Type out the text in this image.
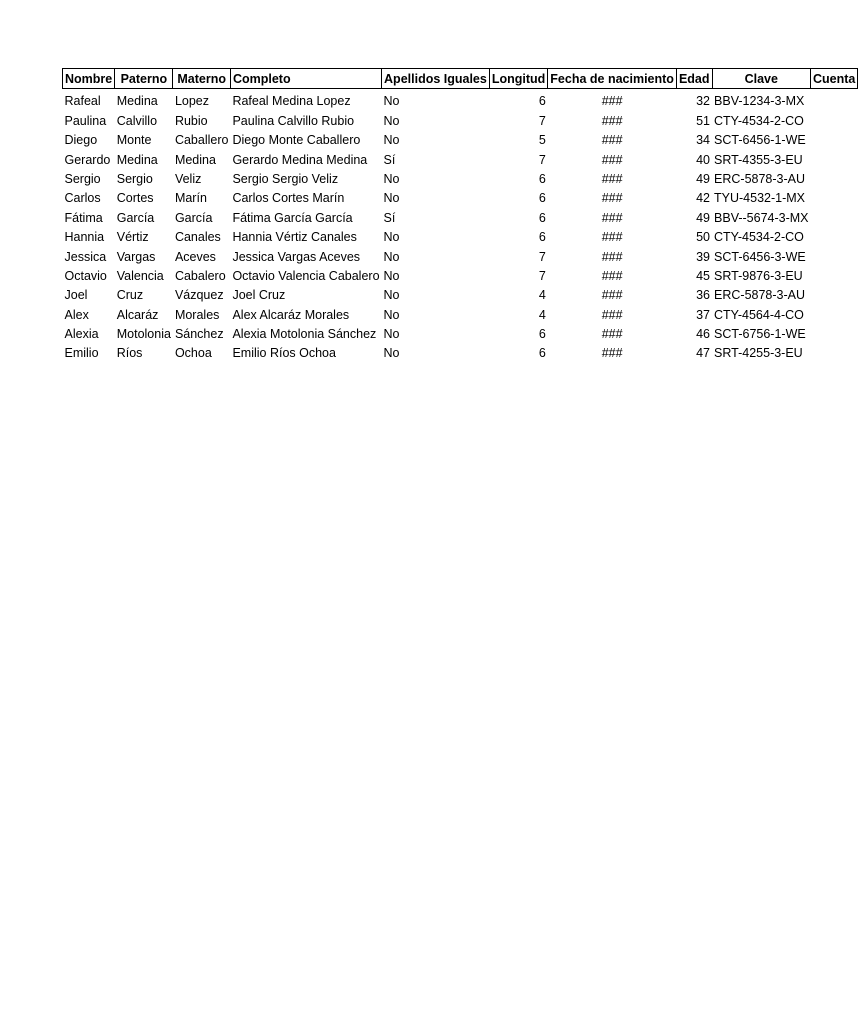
Nombre	Paterno	Materno	Completo	Apellidos Iguales	Longitud	Fecha de nacimiento	Edad	Clave	Cuenta
Rafeal	Medina	Lopez	Rafeal Medina Lopez	No	6	###	32	BBV-1234-3-MX	
Paulina	Calvillo	Rubio	Paulina Calvillo Rubio	No	7	###	51	CTY-4534-2-CO	
Diego	Monte	Caballero	Diego Monte Caballero	No	5	###	34	SCT-6456-1-WE	
Gerardo	Medina	Medina	Gerardo Medina Medina	Sí	7	###	40	SRT-4355-3-EU	
Sergio	Sergio	Veliz	Sergio Sergio Veliz	No	6	###	49	ERC-5878-3-AU	
Carlos	Cortes	Marín	Carlos Cortes Marín	No	6	###	42	TYU-4532-1-MX	
Fátima	García	García	Fátima García García	Sí	6	###	49	BBV--5674-3-MX	
Hannia	Vértiz	Canales	Hannia Vértiz Canales	No	6	###	50	CTY-4534-2-CO	
Jessica	Vargas	Aceves	Jessica Vargas Aceves	No	7	###	39	SCT-6456-3-WE	
Octavio	Valencia	Cabalero	Octavio Valencia Cabalero	No	7	###	45	SRT-9876-3-EU	
Joel	Cruz	Vázquez	Joel Cruz	No	4	###	36	ERC-5878-3-AU	
Alex	Alcaráz	Morales	Alex Alcaráz Morales	No	4	###	37	CTY-4564-4-CO	
Alexia	Motolonia	Sánchez	Alexia Motolonia Sánchez	No	6	###	46	SCT-6756-1-WE	
Emilio	Ríos	Ochoa	Emilio Ríos Ochoa	No	6	###	47	SRT-4255-3-EU	
